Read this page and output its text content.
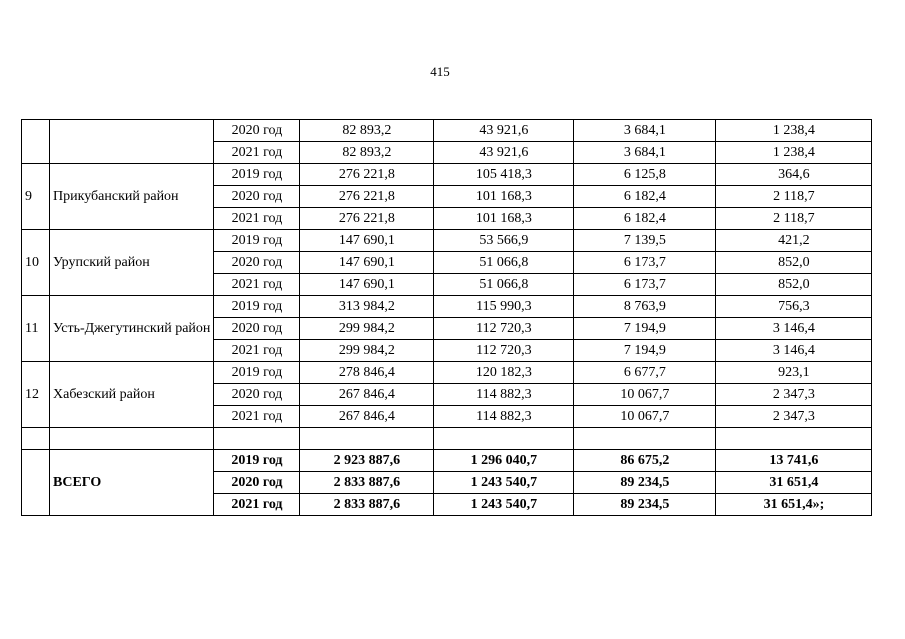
415
		2020 год	82 893,2	43 921,6	3 684,1	1 238,4
		2021 год	82 893,2	43 921,6	3 684,1	1 238,4
9	Прикубанский район	2019 год	276 221,8	105 418,3	6 125,8	364,6
		2020 год	276 221,8	101 168,3	6 182,4	2 118,7
		2021 год	276 221,8	101 168,3	6 182,4	2 118,7
10	Урупский район	2019 год	147 690,1	53 566,9	7 139,5	421,2
		2020 год	147 690,1	51 066,8	6 173,7	852,0
		2021 год	147 690,1	51 066,8	6 173,7	852,0
11	Усть-Джегутинский район	2019 год	313 984,2	115 990,3	8 763,9	756,3
		2020 год	299 984,2	112 720,3	7 194,9	3 146,4
		2021 год	299 984,2	112 720,3	7 194,9	3 146,4
12	Хабезский район	2019 год	278 846,4	120 182,3	6 677,7	923,1
		2020 год	267 846,4	114 882,3	10 067,7	2 347,3
		2021 год	267 846,4	114 882,3	10 067,7	2 347,3

	ВСЕГО	2019 год	2 923 887,6	1 296 040,7	86 675,2	13 741,6
		2020 год	2 833 887,6	1 243 540,7	89 234,5	31 651,4
		2021 год	2 833 887,6	1 243 540,7	89 234,5	31 651,4»;
